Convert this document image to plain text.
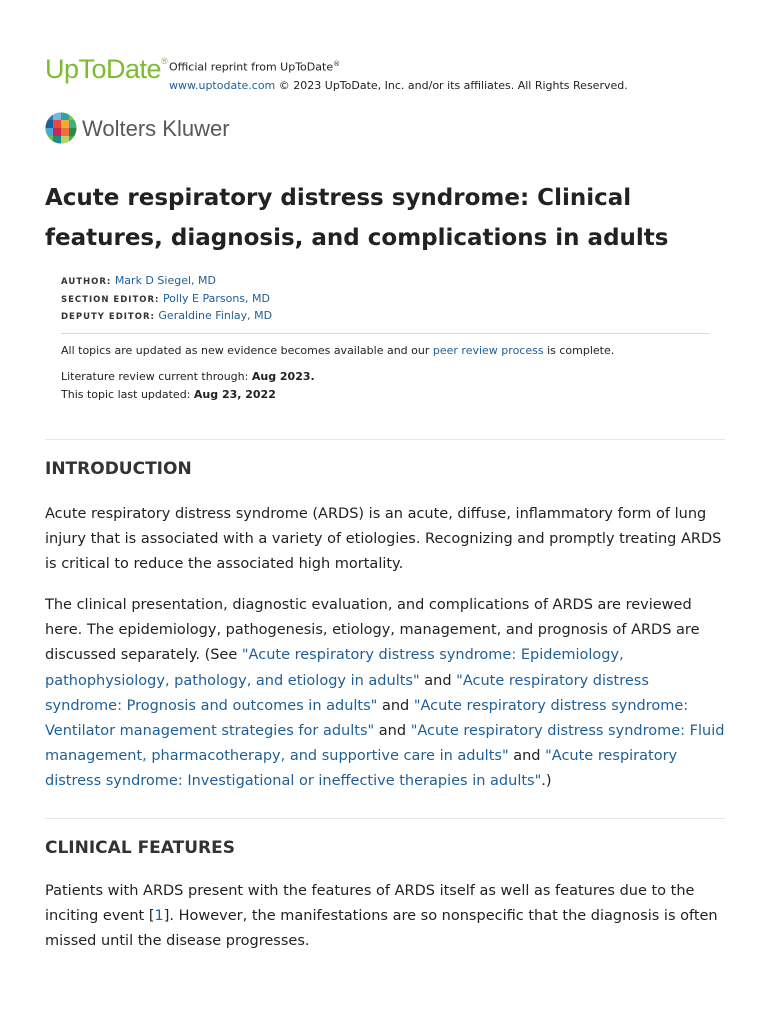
UpToDate® Official reprint from UpToDate®
www.uptodate.com © 2023 UpToDate, Inc. and/or its affiliates. All Rights Reserved.
Wolters Kluwer
Acute respiratory distress syndrome: Clinical features, diagnosis, and complications in adults
AUTHOR: Mark D Siegel, MD
SECTION EDITOR: Polly E Parsons, MD
DEPUTY EDITOR: Geraldine Finlay, MD
All topics are updated as new evidence becomes available and our peer review process is complete.
Literature review current through: Aug 2023.
This topic last updated: Aug 23, 2022
INTRODUCTION

Acute respiratory distress syndrome (ARDS) is an acute, diffuse, inflammatory form of lung injury that is associated with a variety of etiologies. Recognizing and promptly treating ARDS is critical to reduce the associated high mortality.

The clinical presentation, diagnostic evaluation, and complications of ARDS are reviewed here. The epidemiology, pathogenesis, etiology, management, and prognosis of ARDS are discussed separately. (See "Acute respiratory distress syndrome: Epidemiology, pathophysiology, pathology, and etiology in adults" and "Acute respiratory distress syndrome: Prognosis and outcomes in adults" and "Acute respiratory distress syndrome: Ventilator management strategies for adults" and "Acute respiratory distress syndrome: Fluid management, pharmacotherapy, and supportive care in adults" and "Acute respiratory distress syndrome: Investigational or ineffective therapies in adults".)

CLINICAL FEATURES

Patients with ARDS present with the features of ARDS itself as well as features due to the inciting event [1]. However, the manifestations are so nonspecific that the diagnosis is often missed until the disease progresses.
